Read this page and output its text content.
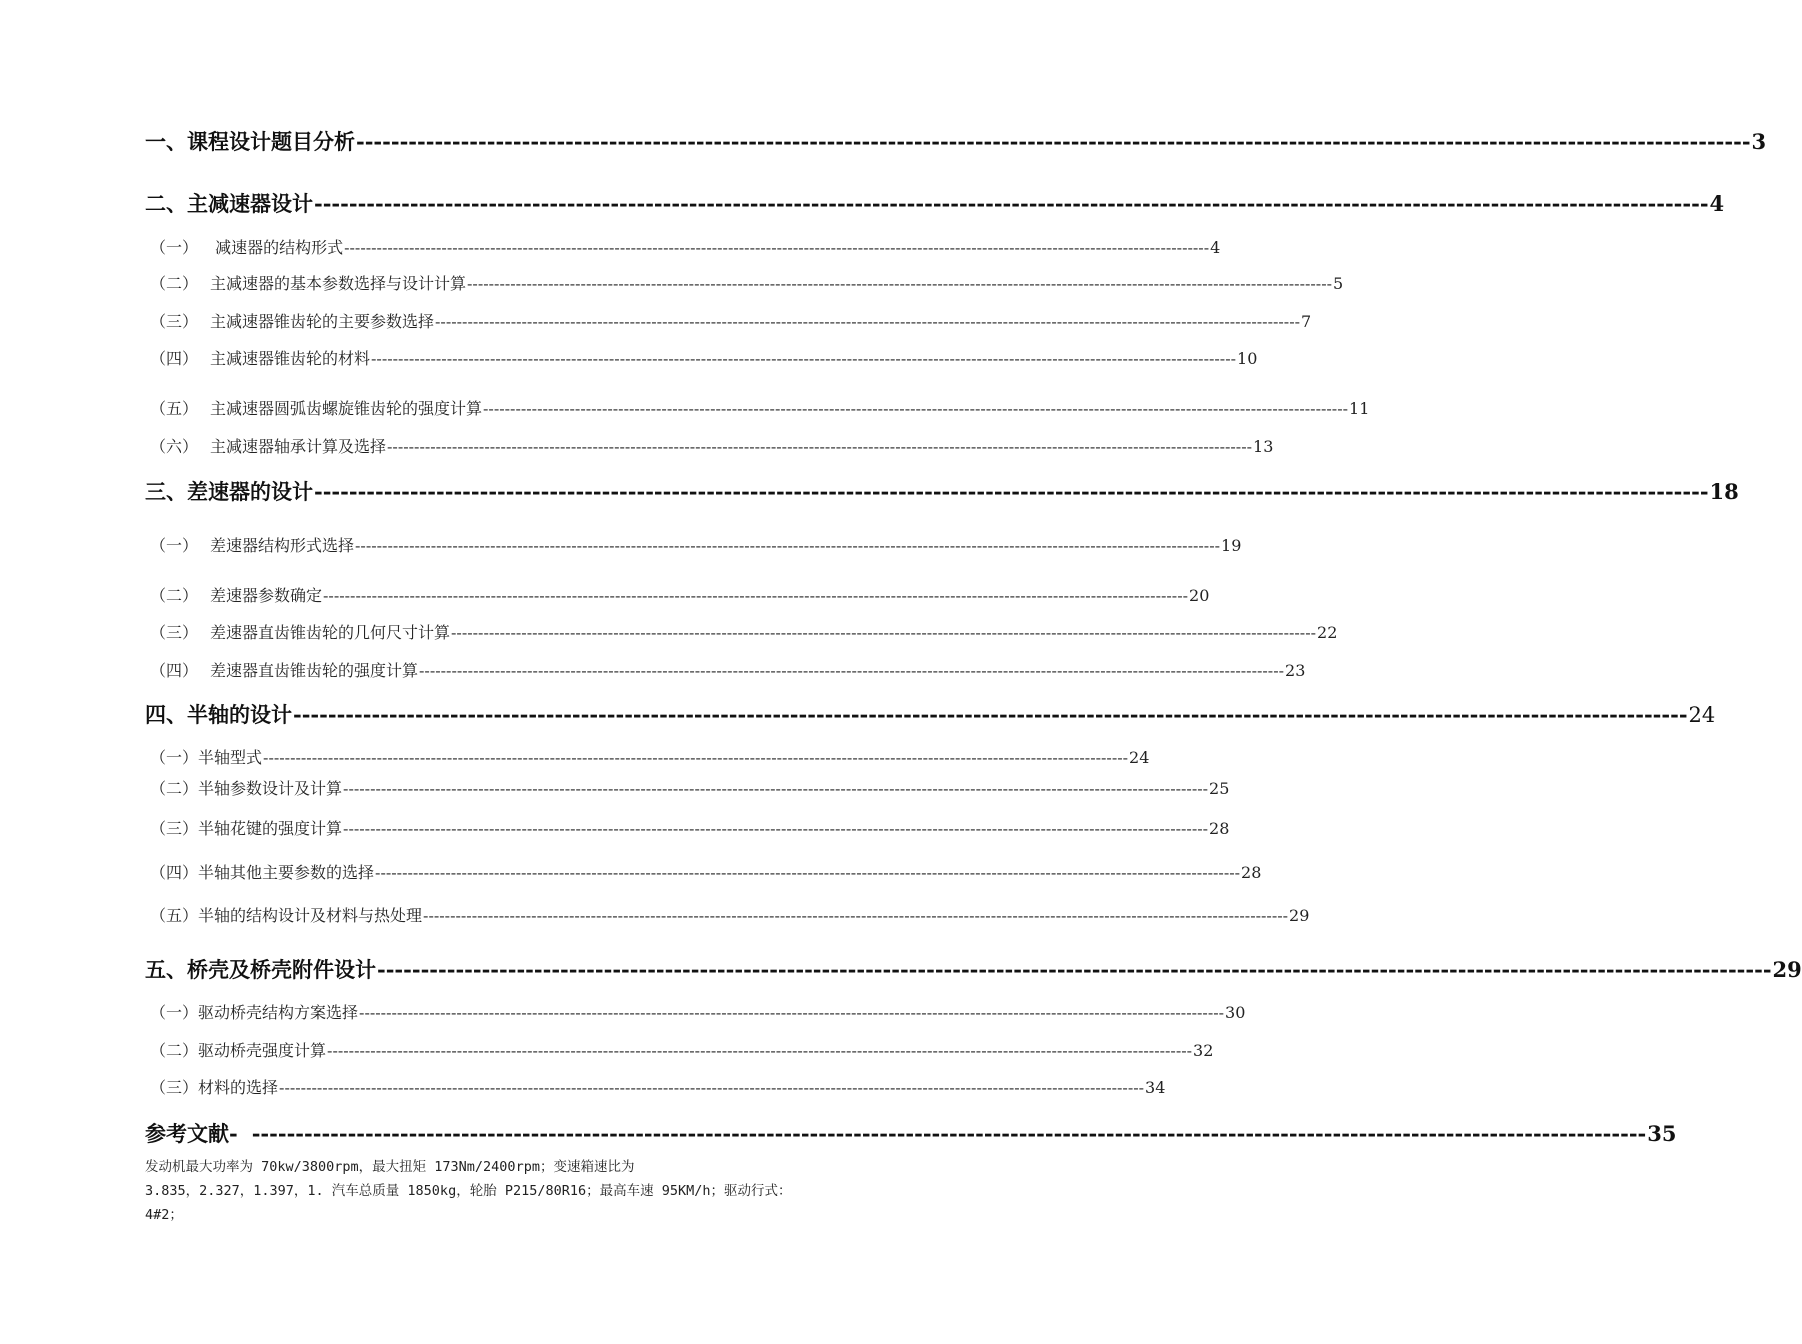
一、课程设计题目分析 ---------------------------------------------------------------------------------------------------------------------------------------------------------------- 3
二、主减速器设计 ---------------------------------------------------------------------------------------------------------------------------------------------------------------- 4
（一） 减速器的结构形式 ---------------------------------------------------------------------------------------------------------------------------------------------------------------- 4
（二） 主减速器的基本参数选择与设计计算 ---------------------------------------------------------------------------------------------------------------------------------------------------------------- 5
（三） 主减速器锥齿轮的主要参数选择 ---------------------------------------------------------------------------------------------------------------------------------------------------------------- 7
（四） 主减速器锥齿轮的材料 ---------------------------------------------------------------------------------------------------------------------------------------------------------------- 10
（五） 主减速器圆弧齿螺旋锥齿轮的强度计算 ---------------------------------------------------------------------------------------------------------------------------------------------------------------- 11
（六） 主减速器轴承计算及选择 ---------------------------------------------------------------------------------------------------------------------------------------------------------------- 13
三、差速器的设计 ---------------------------------------------------------------------------------------------------------------------------------------------------------------- 18
（一） 差速器结构形式选择 ---------------------------------------------------------------------------------------------------------------------------------------------------------------- 19
（二） 差速器参数确定 ---------------------------------------------------------------------------------------------------------------------------------------------------------------- 20
（三） 差速器直齿锥齿轮的几何尺寸计算 ---------------------------------------------------------------------------------------------------------------------------------------------------------------- 22
（四） 差速器直齿锥齿轮的强度计算 ---------------------------------------------------------------------------------------------------------------------------------------------------------------- 23
四、半轴的设计 ---------------------------------------------------------------------------------------------------------------------------------------------------------------- 24
（一）半轴型式 ---------------------------------------------------------------------------------------------------------------------------------------------------------------- 24
（二）半轴参数设计及计算 ---------------------------------------------------------------------------------------------------------------------------------------------------------------- 25
（三）半轴花键的强度计算 ---------------------------------------------------------------------------------------------------------------------------------------------------------------- 28
（四）半轴其他主要参数的选择 ---------------------------------------------------------------------------------------------------------------------------------------------------------------- 28
（五）半轴的结构设计及材料与热处理 ---------------------------------------------------------------------------------------------------------------------------------------------------------------- 29
五、桥壳及桥壳附件设计 ---------------------------------------------------------------------------------------------------------------------------------------------------------------- 29
（一）驱动桥壳结构方案选择 ---------------------------------------------------------------------------------------------------------------------------------------------------------------- 30
（二）驱动桥壳强度计算 ---------------------------------------------------------------------------------------------------------------------------------------------------------------- 32
（三）材料的选择 ---------------------------------------------------------------------------------------------------------------------------------------------------------------- 34
参考文献- ---------------------------------------------------------------------------------------------------------------------------------------------------------------- 35
发动机最大功率为 70kw/3800rpm，最大扭矩 173Nm/2400rpm；变速箱速比为
3.835，2.327，1.397，1. 汽车总质量 1850kg，轮胎 P215/80R16；最高车速 95KM/h；驱动行式：
4#2；
